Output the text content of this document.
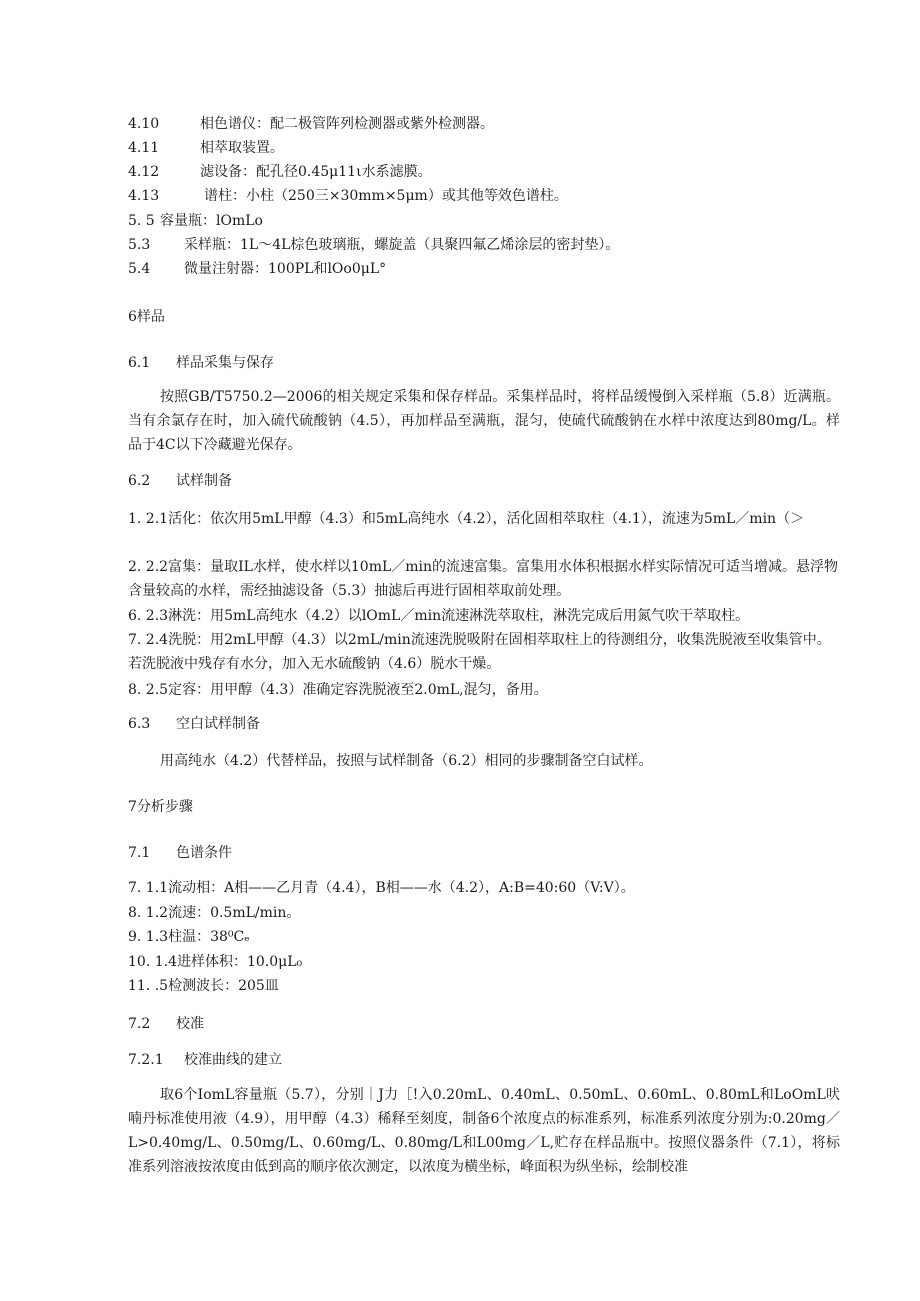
4.10	相色谱仪：配二极管阵列检测器或紫外检测器。
4.11	相萃取装置。
4.12	滤设备：配孔径0.45μ11ι水系滤膜。
4.13	谱柱：小柱（250三×30mm×5μm）或其他等效色谱柱。
5. 5 容量瓶：lOmLo
5.3 采样瓶：1L～4L棕色玻璃瓶，螺旋盖（具聚四氟乙烯涂层的密封垫）。
5.4 微量注射器：100PL和lOo0μL°
6样品
6.1 样品采集与保存
按照GB/T5750.2—2006的相关规定采集和保存样品。采集样品时，将样品缓慢倒入采样瓶（5.8）近满瓶。当有余氯存在时，加入硫代硫酸钠（4.5），再加样品至满瓶，混匀，使硫代硫酸钠在水样中浓度达到80mg/L。样品于4C以下冷藏避光保存。
6.2 试样制备
1. 2.1活化：依次用5mL甲醇（4.3）和5mL高纯水（4.2），活化固相萃取柱（4.1），流速为5mL／min（＞
2. 2.2富集：量取IL水样，使水样以10mL／min的流速富集。富集用水体积根据水样实际情况可适当增减。悬浮物含量较高的水样，需经抽滤设备（5.3）抽滤后再进行固相萃取前处理。
6. 2.3淋洗：用5mL高纯水（4.2）以lOmL／min流速淋洗萃取柱，淋洗完成后用氮气吹干萃取柱。
7. 2.4洗脱：用2mL甲醇（4.3）以2mL/min流速洗脱吸附在固相萃取柱上的待测组分，收集洗脱液至收集管中。若洗脱液中残存有水分，加入无水硫酸钠（4.6）脱水干燥。
8. 2.5定容：用甲醇（4.3）准确定容洗脱液至2.0mL,混匀，备用。
6.3 空白试样制备
用高纯水（4.2）代替样品，按照与试样制备（6.2）相同的步骤制备空白试样。
7分析步骤
7.1 色谱条件
7. 1.1流动相：A相——乙月青（4.4），B相——水（4.2），A:B=40:60（V:V）。
8. 1.2流速：0.5mL/min。
9. 1.3柱温：38⁰Cₑ
10. 1.4进样体积：10.0μL₀
11. .5检测波长：205皿
7.2 校准
7.2.1 校准曲线的建立
取6个IomL容量瓶（5.7），分别｜J力［!入0.20mL、0.40mL、0.50mL、0.60mL、0.80mL和LoOmL吠喃丹标准使用液（4.9），用甲醇（4.3）稀释至刻度，制备6个浓度点的标准系列，标准系列浓度分别为:0.20mg／L>0.40mg/L、0.50mg/L、0.60mg/L、0.80mg/L和L00mg／L,贮存在样品瓶中。按照仪器条件（7.1），将标准系列溶液按浓度由低到高的顺序依次测定，以浓度为横坐标，峰面积为纵坐标，绘制校准
